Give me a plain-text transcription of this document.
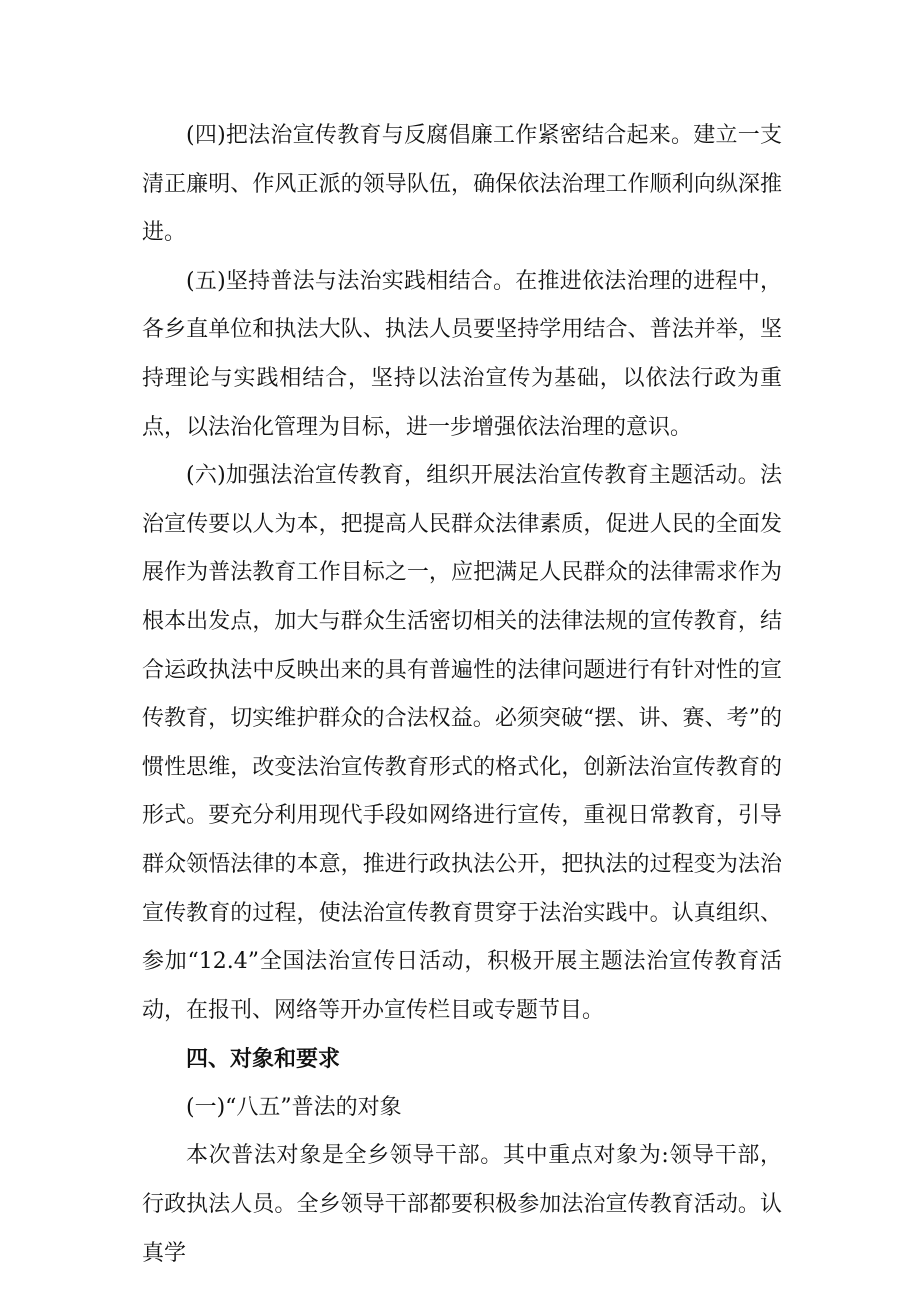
(四)把法治宣传教育与反腐倡廉工作紧密结合起来。建立一支清正廉明、作风正派的领导队伍，确保依法治理工作顺利向纵深推进。

(五)坚持普法与法治实践相结合。在推进依法治理的进程中，各乡直单位和执法大队、执法人员要坚持学用结合、普法并举，坚持理论与实践相结合，坚持以法治宣传为基础，以依法行政为重点，以法治化管理为目标，进一步增强依法治理的意识。

(六)加强法治宣传教育，组织开展法治宣传教育主题活动。法治宣传要以人为本，把提高人民群众法律素质，促进人民的全面发展作为普法教育工作目标之一，应把满足人民群众的法律需求作为根本出发点，加大与群众生活密切相关的法律法规的宣传教育，结合运政执法中反映出来的具有普遍性的法律问题进行有针对性的宣传教育，切实维护群众的合法权益。必须突破“摆、讲、赛、考”的惯性思维，改变法治宣传教育形式的格式化，创新法治宣传教育的形式。要充分利用现代手段如网络进行宣传，重视日常教育，引导群众领悟法律的本意，推进行政执法公开，把执法的过程变为法治宣传教育的过程，使法治宣传教育贯穿于法治实践中。认真组织、参加“12.4”全国法治宣传日活动，积极开展主题法治宣传教育活动，在报刊、网络等开办宣传栏目或专题节目。

四、对象和要求

(一)“八五”普法的对象

本次普法对象是全乡领导干部。其中重点对象为:领导干部，行政执法人员。全乡领导干部都要积极参加法治宣传教育活动。认真学
